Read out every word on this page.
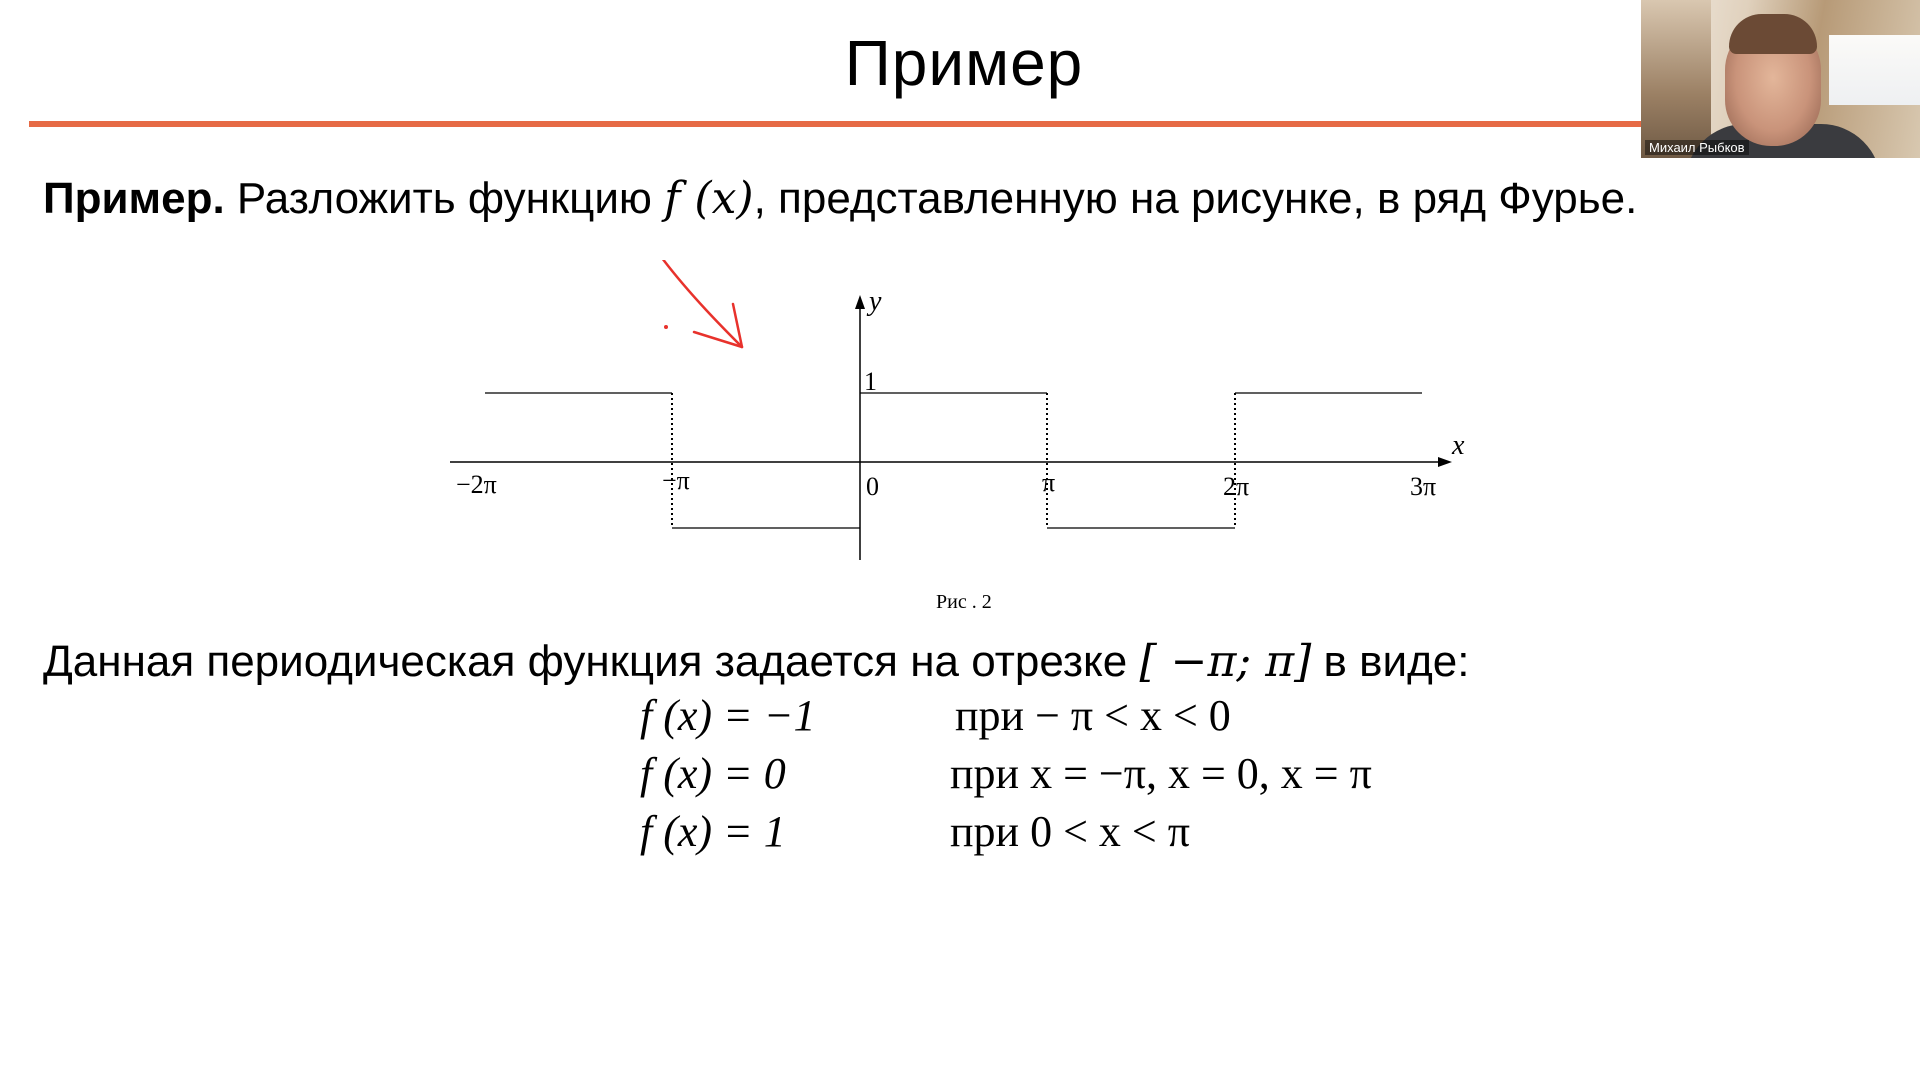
Пример
Михаил Рыбков
Пример. Разложить функцию f (x), представленную на рисунке, в ряд Фурье.
y
x
1
−2π	−π	0	π	2π	3π
Рис . 2
Данная периодическая функция задается на отрезке [ −π; π] в виде:
f (x) = −1	при − π < x < 0
f (x) = 0	при x = −π, x = 0, x = π
f (x) = 1	при 0 < x < π
